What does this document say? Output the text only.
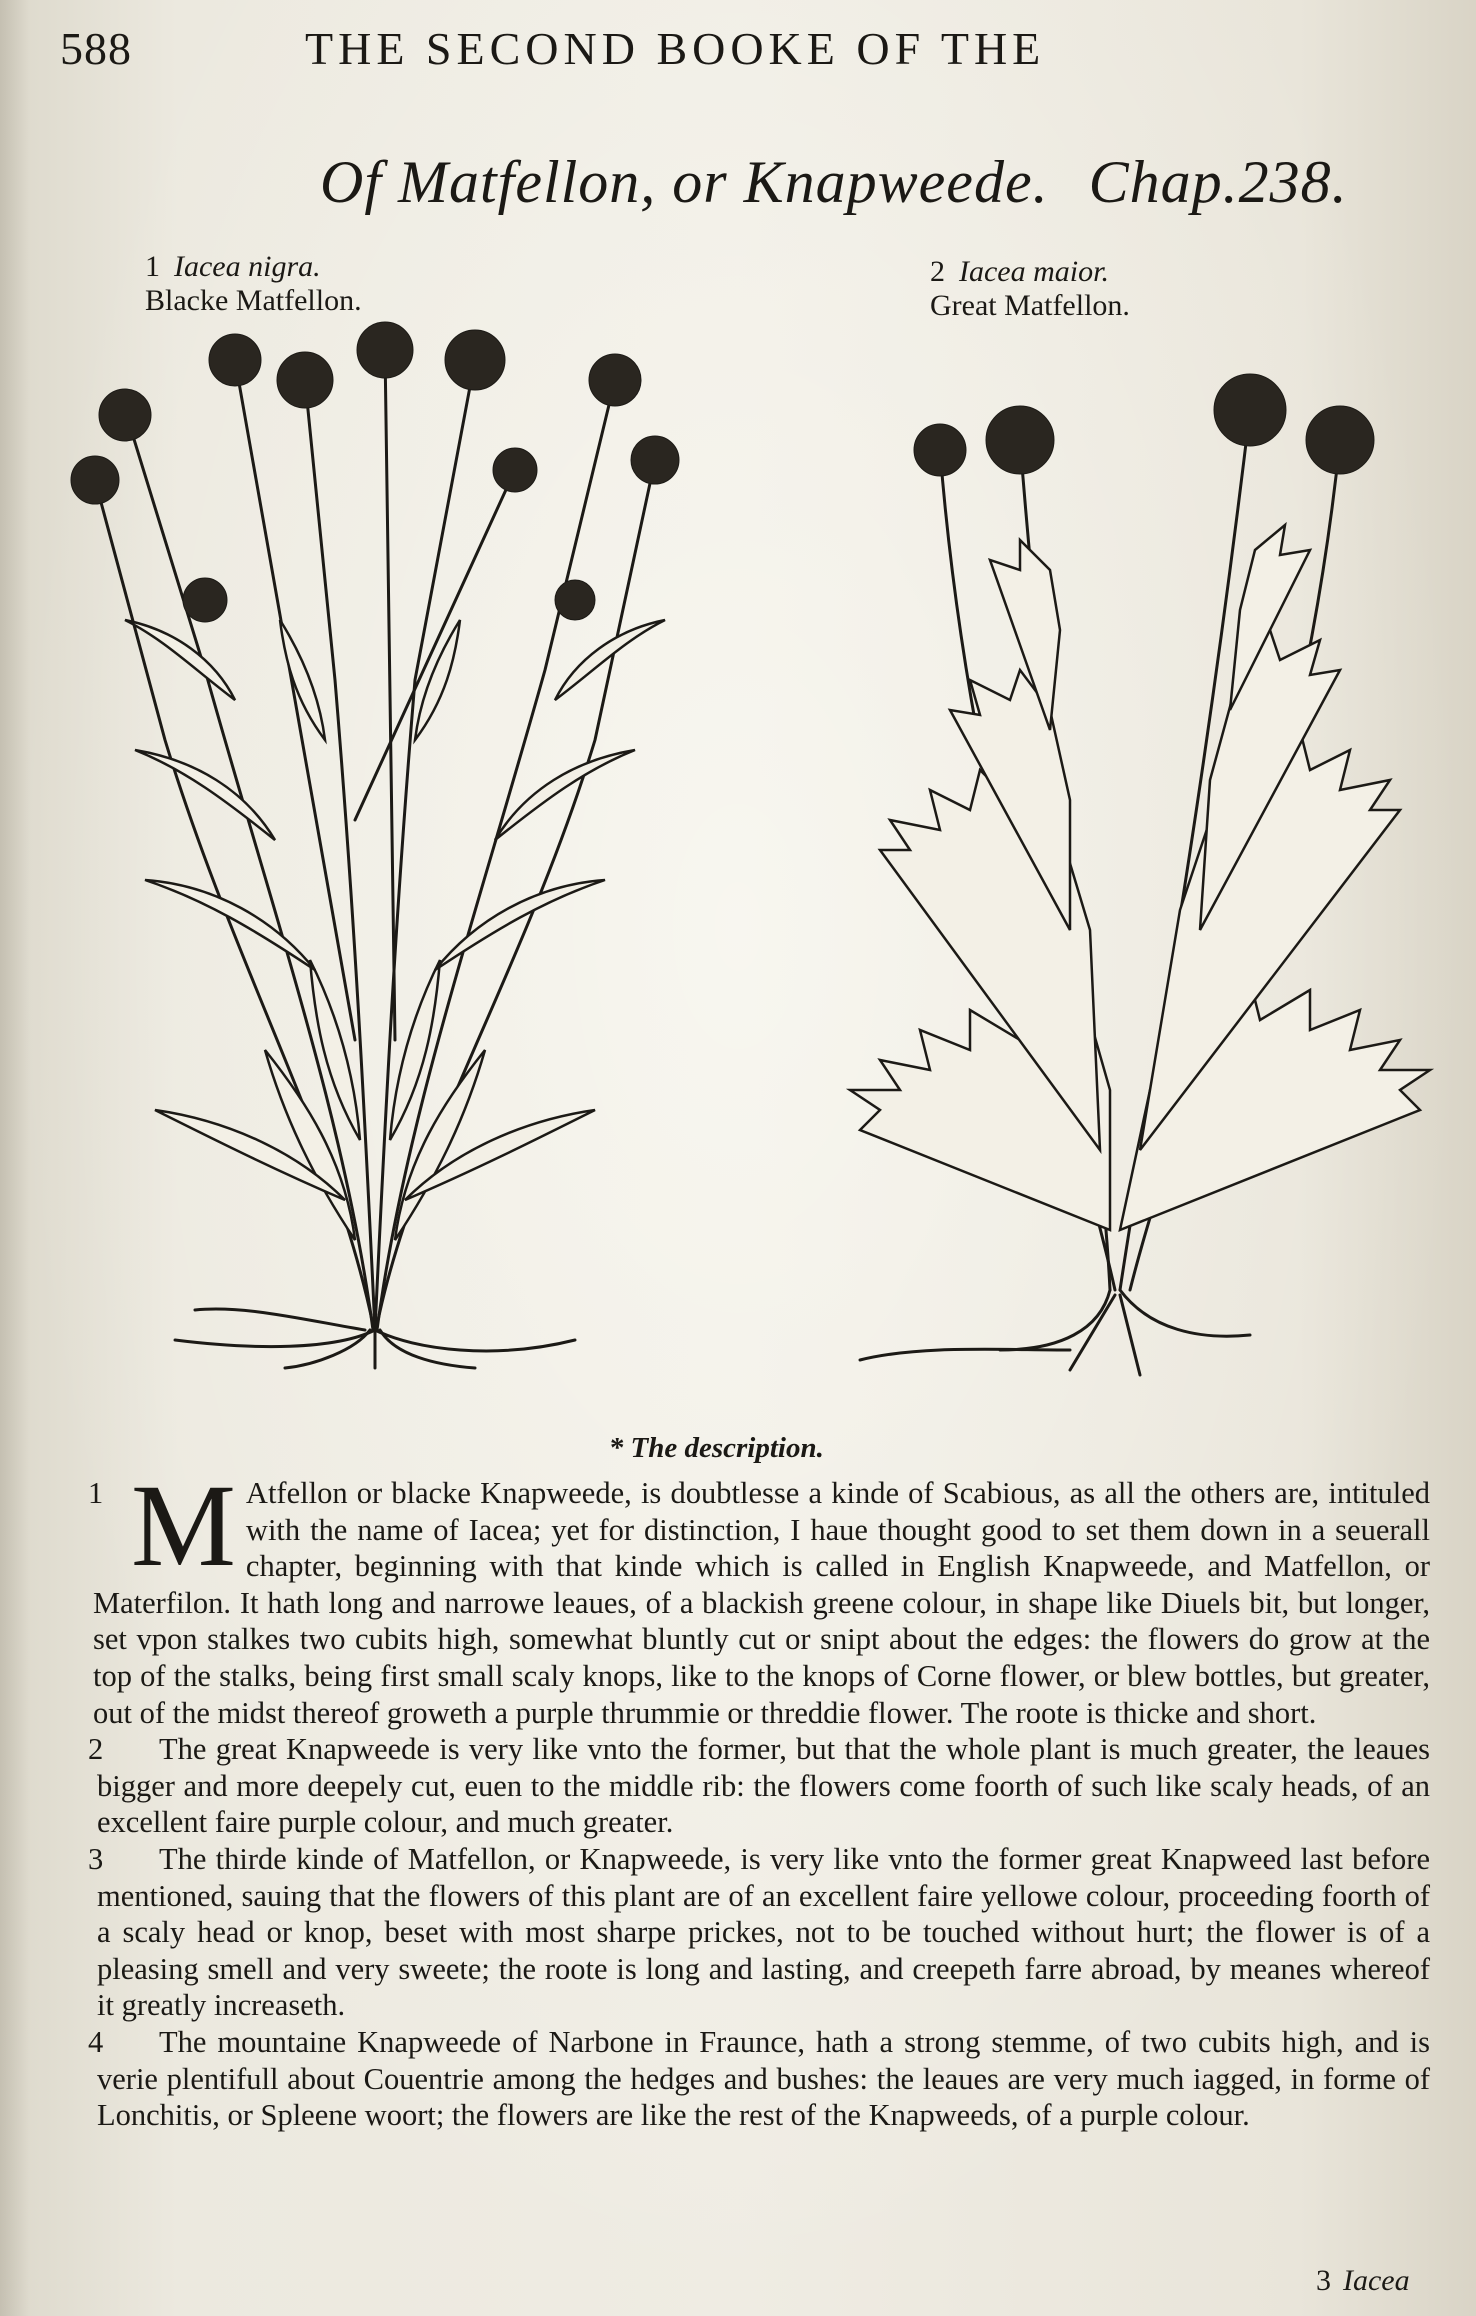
588	THE SECOND BOOKE OF THE
Of Matfellon, or Knapweede. Chap.238.
1 Iacea nigra.
Blacke Matfellon.
2 Iacea maior.
Great Matfellon.
* The description.

1 M Atfellon or blacke Knapweede, is doubtlesse a kinde of Scabious, as all the others are, intituled with the name of Iacea; yet for distinction, I haue thought good to set them down in a seuerall chapter, beginning with that kinde which is called in English Knapweede, and Matfellon, or Materfilon. It hath long and narrowe leaues, of a blackish greene colour, in shape like Diuels bit, but longer, set vpon stalkes two cubits high, somewhat bluntly cut or snipt about the edges: the flowers do grow at the top of the stalks, being first small scaly knops, like to the knops of Corne flower, or blew bottles, but greater, out of the midst thereof groweth a purple thrummie or threddie flower. The roote is thicke and short.

2	The great Knapweede is very like vnto the former, but that the whole plant is much greater, the leaues bigger and more deepely cut, euen to the middle rib: the flowers come foorth of such like scaly heads, of an excellent faire purple colour, and much greater.

3	The thirde kinde of Matfellon, or Knapweede, is very like vnto the former great Knapweed last before mentioned, sauing that the flowers of this plant are of an excellent faire yellowe colour, proceeding foorth of a scaly head or knop, beset with most sharpe prickes, not to be touched without hurt; the flower is of a pleasing smell and very sweete; the roote is long and lasting, and creepeth farre abroad, by meanes whereof it greatly increaseth.

4	The mountaine Knapweede of Narbone in Fraunce, hath a strong stemme, of two cubits high, and is verie plentifull about Couentrie among the hedges and bushes: the leaues are very much iagged, in forme of Lonchitis, or Spleene woort; the flowers are like the rest of the Knapweeds, of a purple colour.

3 Iacea
